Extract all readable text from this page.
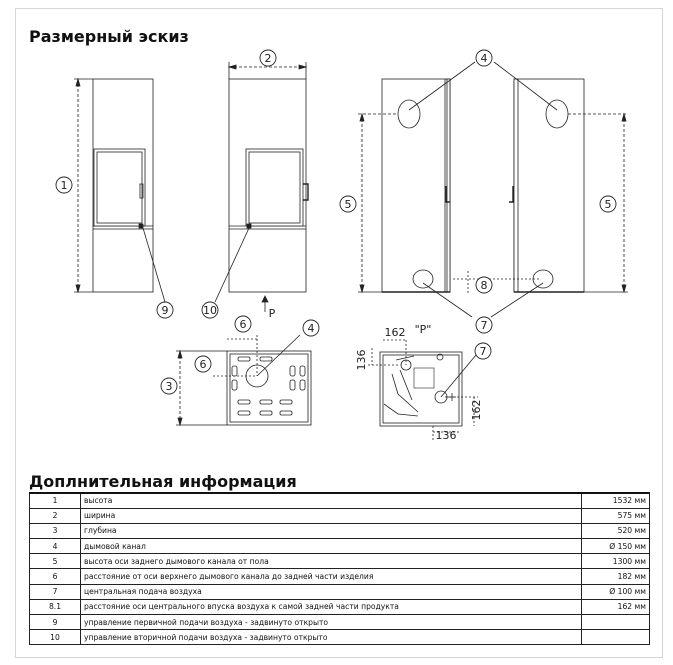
Размерный эскиз
1
2	4
5	5
8
7
9	10
6	4
6
3
7
P
"P"
162
136
162
136
Доплнительная информация
1	высота	1532 мм
2	ширина	575 мм
3	глубина	520 мм
4	дымовой канал	Ø 150 мм
5	высота оси заднего дымового канала от пола	1300 мм
6	расстояние от оси верхнего дымового канала до задней части изделия	182 мм
7	центральная подача воздуха	Ø 100 мм
8.1	расстояние оси центрального впуска воздуха к самой задней части продукта	162 мм
9	управление первичной подачи воздуха - задвинуто открыто	
10	управление вторичной подачи воздуха - задвинуто открыто	
